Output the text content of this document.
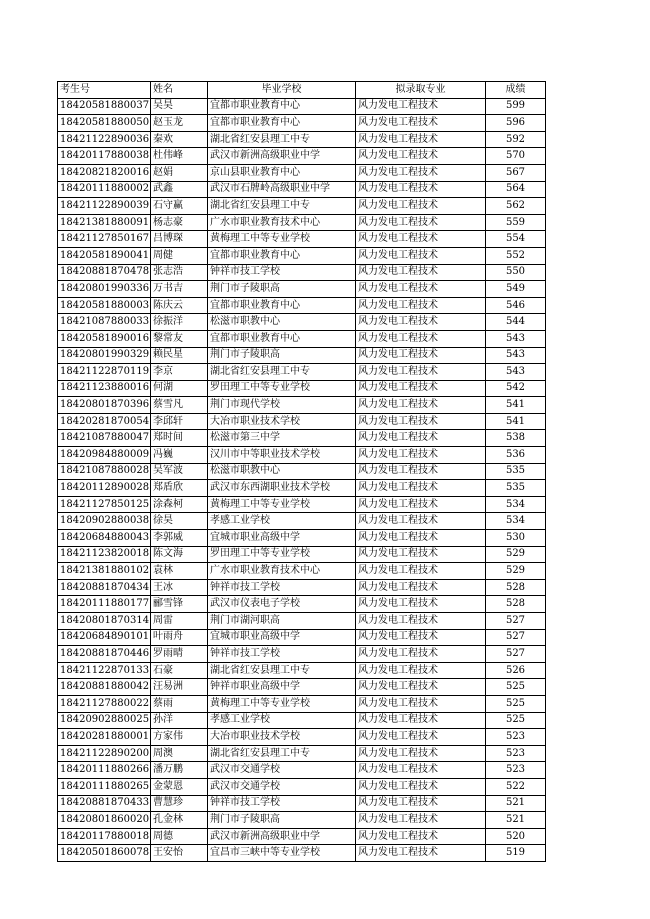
考生号	姓名	毕业学校	拟录取专业	成绩
18420581880037	吴昊	宜都市职业教育中心	风力发电工程技术	599
18420581880050	赵玉龙	宜都市职业教育中心	风力发电工程技术	596
18421122890036	秦欢	湖北省红安县理工中专	风力发电工程技术	592
18420117880038	杜伟峰	武汉市新洲高级职业中学	风力发电工程技术	570
18420821820016	赵娟	京山县职业教育中心	风力发电工程技术	567
18420111880002	武鑫	武汉市石牌岭高级职业中学	风力发电工程技术	564
18421122890039	石守赢	湖北省红安县理工中专	风力发电工程技术	562
18421381880091	杨志豪	广水市职业教育技术中心	风力发电工程技术	559
18421127850167	吕博琛	黄梅理工中等专业学校	风力发电工程技术	554
18420581890041	周健	宜都市职业教育中心	风力发电工程技术	552
18420881870478	张志浩	钟祥市技工学校	风力发电工程技术	550
18420801990336	万书吉	荆门市子陵职高	风力发电工程技术	549
18420581880003	陈庆云	宜都市职业教育中心	风力发电工程技术	546
18421087880033	徐振洋	松滋市职教中心	风力发电工程技术	544
18420581890016	黎常友	宜都市职业教育中心	风力发电工程技术	543
18420801990329	赖民星	荆门市子陵职高	风力发电工程技术	543
18421122870119	李京	湖北省红安县理工中专	风力发电工程技术	543
18421123880016	何湖	罗田理工中等专业学校	风力发电工程技术	542
18420801870396	蔡雪凡	荆门市现代学校	风力发电工程技术	541
18420281870054	李邱轩	大冶市职业技术学校	风力发电工程技术	541
18421087880047	郑时间	松滋市第三中学	风力发电工程技术	538
18420984880009	冯巍	汉川市中等职业技术学校	风力发电工程技术	536
18421087880028	吴军波	松滋市职教中心	风力发电工程技术	535
18420112890028	郑盾欣	武汉市东西湖职业技术学校	风力发电工程技术	535
18421127850125	涂森柯	黄梅理工中等专业学校	风力发电工程技术	534
18420902880038	徐昊	孝感工业学校	风力发电工程技术	534
18420684880043	李郭威	宜城市职业高级中学	风力发电工程技术	530
18421123820018	陈文海	罗田理工中等专业学校	风力发电工程技术	529
18421381880102	袁林	广水市职业教育技术中心	风力发电工程技术	529
18420881870434	王冰	钟祥市技工学校	风力发电工程技术	528
18420111880177	郦雪锋	武汉市仪表电子学校	风力发电工程技术	528
18420801870314	周雷	荆门市湖河职高	风力发电工程技术	527
18420684890101	叶雨舟	宜城市职业高级中学	风力发电工程技术	527
18420881870446	罗雨晴	钟祥市技工学校	风力发电工程技术	527
18421122870133	石豪	湖北省红安县理工中专	风力发电工程技术	526
18420881880042	汪易洲	钟祥市职业高级中学	风力发电工程技术	525
18421127880022	蔡雨	黄梅理工中等专业学校	风力发电工程技术	525
18420902880025	孙洋	孝感工业学校	风力发电工程技术	525
18420281880001	方家伟	大冶市职业技术学校	风力发电工程技术	523
18421122890200	周澳	湖北省红安县理工中专	风力发电工程技术	523
18420111880266	潘万鹏	武汉市交通学校	风力发电工程技术	523
18420111880265	金蒙恩	武汉市交通学校	风力发电工程技术	522
18420881870433	曹慧珍	钟祥市技工学校	风力发电工程技术	521
18420801860020	孔金林	荆门市子陵职高	风力发电工程技术	521
18420117880018	周德	武汉市新洲高级职业中学	风力发电工程技术	520
18420501860078	王安怡	宜昌市三峡中等专业学校	风力发电工程技术	519
